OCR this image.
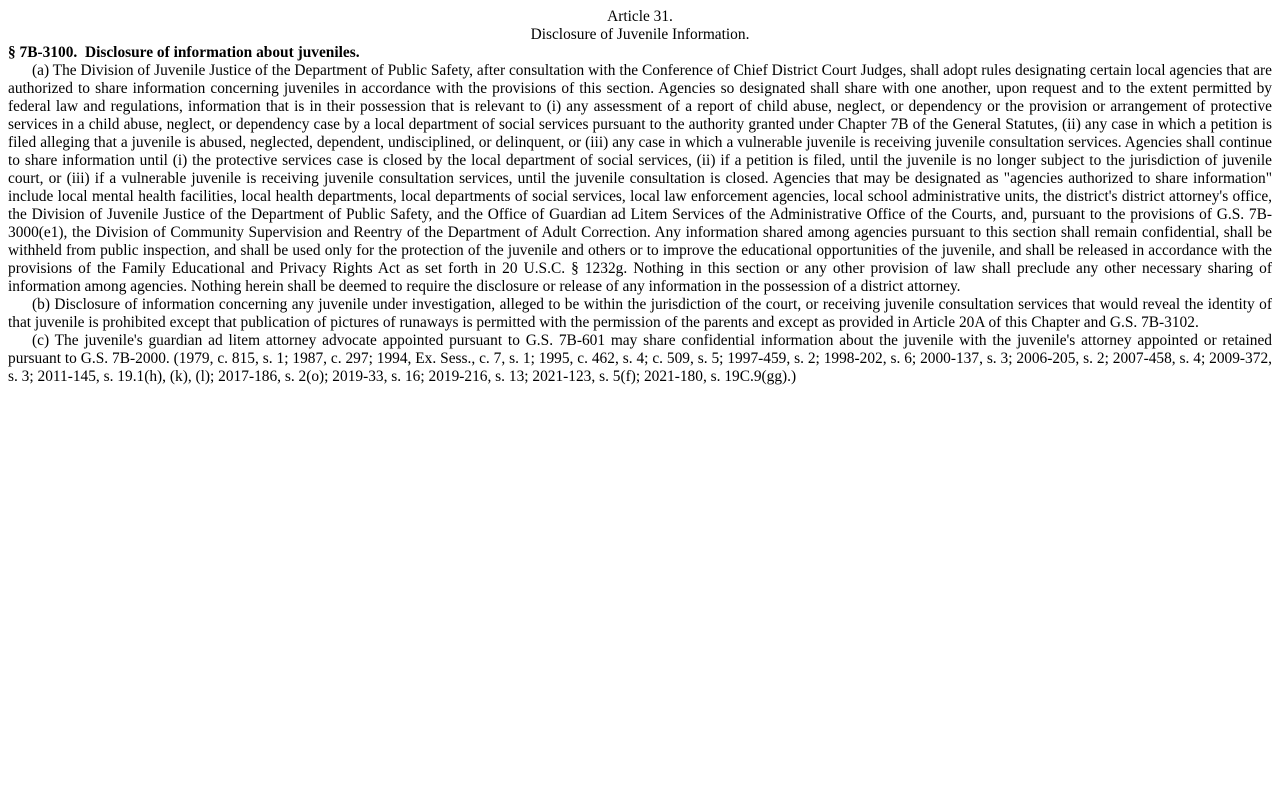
Article 31.

Disclosure of Juvenile Information.

§ 7B-3100.  Disclosure of information about juveniles.

(a) The Division of Juvenile Justice of the Department of Public Safety, after consultation with the Conference of Chief District Court Judges, shall adopt rules designating certain local agencies that are authorized to share information concerning juveniles in accordance with the provisions of this section. Agencies so designated shall share with one another, upon request and to the extent permitted by federal law and regulations, information that is in their possession that is relevant to (i) any assessment of a report of child abuse, neglect, or dependency or the provision or arrangement of protective services in a child abuse, neglect, or dependency case by a local department of social services pursuant to the authority granted under Chapter 7B of the General Statutes, (ii) any case in which a petition is filed alleging that a juvenile is abused, neglected, dependent, undisciplined, or delinquent, or (iii) any case in which a vulnerable juvenile is receiving juvenile consultation services. Agencies shall continue to share information until (i) the protective services case is closed by the local department of social services, (ii) if a petition is filed, until the juvenile is no longer subject to the jurisdiction of juvenile court, or (iii) if a vulnerable juvenile is receiving juvenile consultation services, until the juvenile consultation is closed. Agencies that may be designated as "agencies authorized to share information" include local mental health facilities, local health departments, local departments of social services, local law enforcement agencies, local school administrative units, the district's district attorney's office, the Division of Juvenile Justice of the Department of Public Safety, and the Office of Guardian ad Litem Services of the Administrative Office of the Courts, and, pursuant to the provisions of G.S. 7B-3000(e1), the Division of Community Supervision and Reentry of the Department of Adult Correction. Any information shared among agencies pursuant to this section shall remain confidential, shall be withheld from public inspection, and shall be used only for the protection of the juvenile and others or to improve the educational opportunities of the juvenile, and shall be released in accordance with the provisions of the Family Educational and Privacy Rights Act as set forth in 20 U.S.C. § 1232g. Nothing in this section or any other provision of law shall preclude any other necessary sharing of information among agencies. Nothing herein shall be deemed to require the disclosure or release of any information in the possession of a district attorney.

(b) Disclosure of information concerning any juvenile under investigation, alleged to be within the jurisdiction of the court, or receiving juvenile consultation services that would reveal the identity of that juvenile is prohibited except that publication of pictures of runaways is permitted with the permission of the parents and except as provided in Article 20A of this Chapter and G.S. 7B-3102.

(c) The juvenile's guardian ad litem attorney advocate appointed pursuant to G.S. 7B-601 may share confidential information about the juvenile with the juvenile's attorney appointed or retained pursuant to G.S. 7B-2000. (1979, c. 815, s. 1; 1987, c. 297; 1994, Ex. Sess., c. 7, s. 1; 1995, c. 462, s. 4; c. 509, s. 5; 1997-459, s. 2; 1998-202, s. 6; 2000-137, s. 3; 2006-205, s. 2; 2007-458, s. 4; 2009-372, s. 3; 2011-145, s. 19.1(h), (k), (l); 2017-186, s. 2(o); 2019-33, s. 16; 2019-216, s. 13; 2021-123, s. 5(f); 2021-180, s. 19C.9(gg).)
